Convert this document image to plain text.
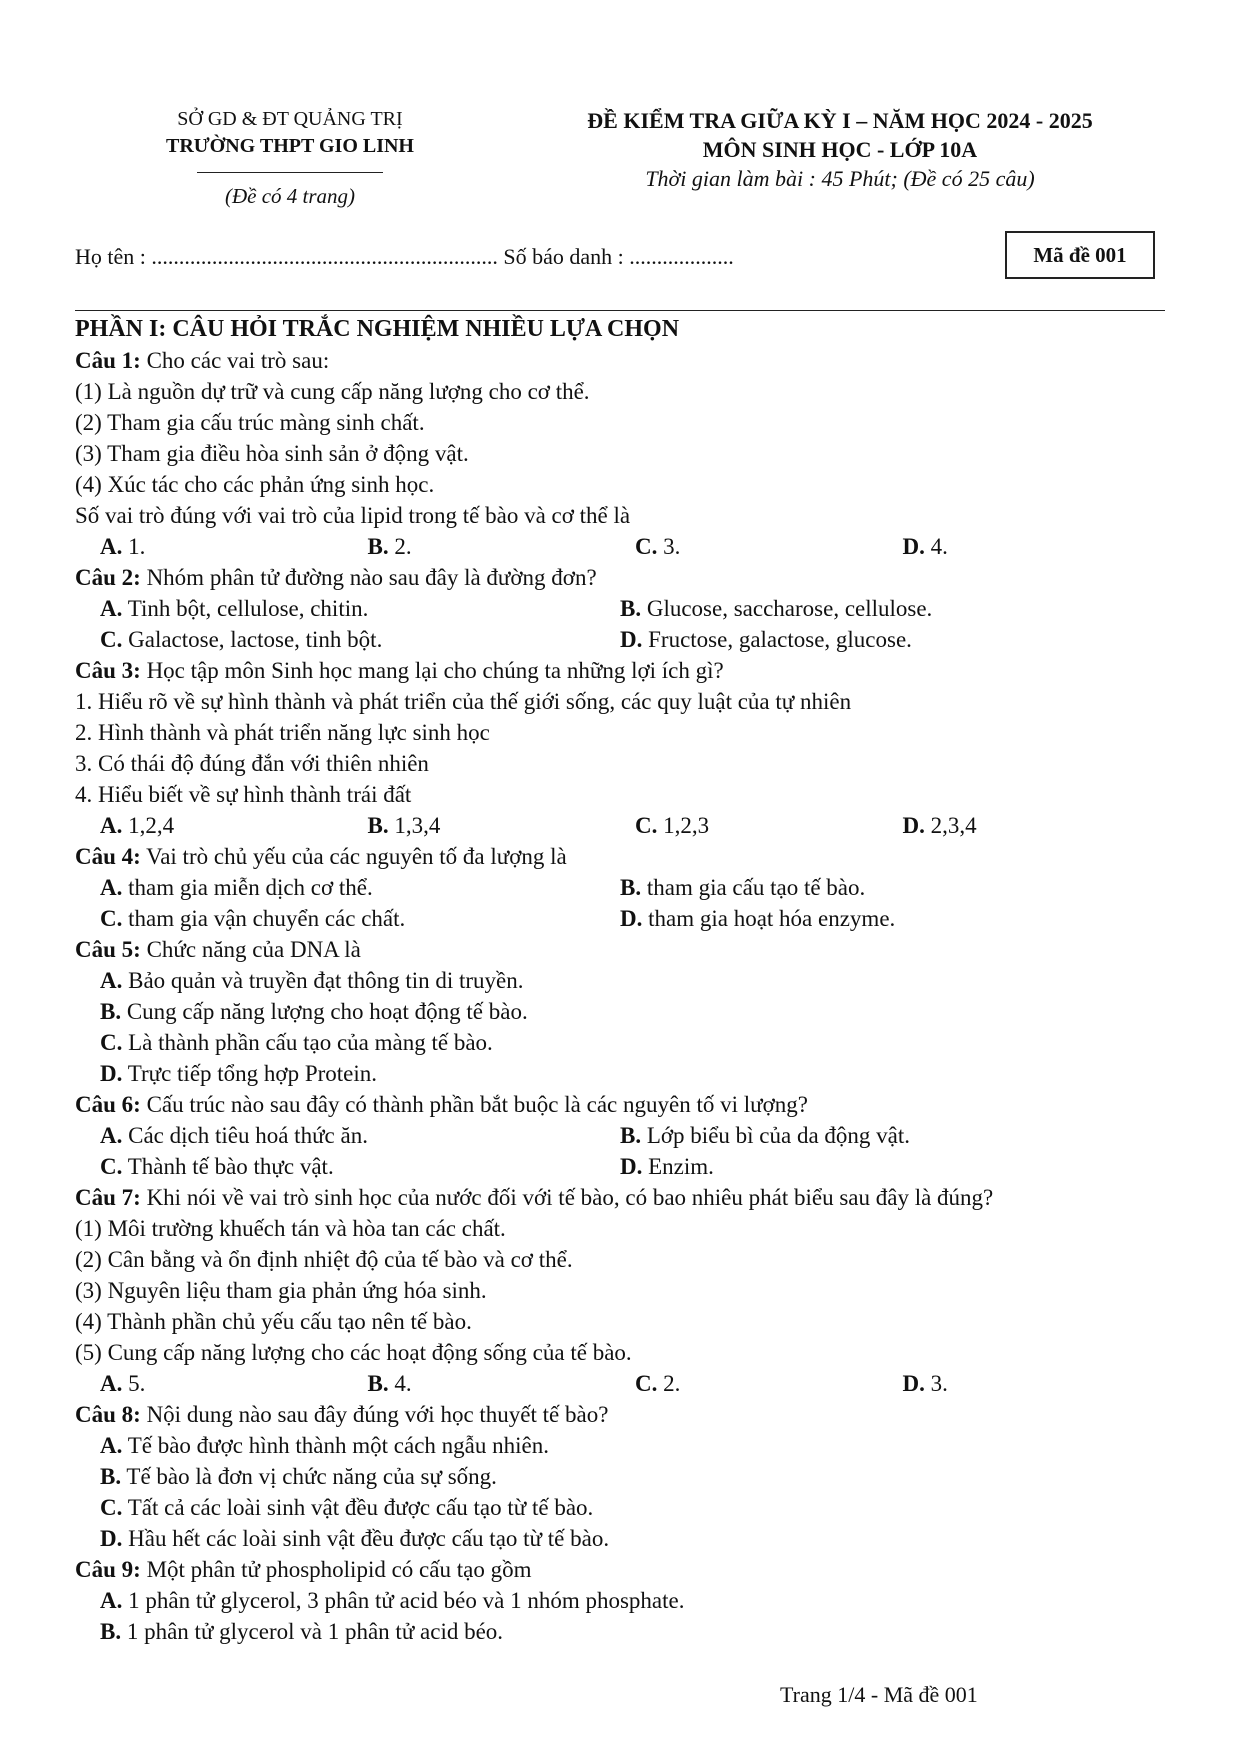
SỞ GD & ĐT QUẢNG TRỊ
TRƯỜNG THPT GIO LINH
(Đề có 4 trang)
ĐỀ KIỂM TRA GIỮA KỲ I – NĂM HỌC 2024 - 2025
MÔN SINH HỌC - LỚP 10A
Thời gian làm bài : 45 Phút; (Đề có 25 câu)
Họ tên : ............................................................... Số báo danh : ...................	Mã đề 001
PHẦN I: CÂU HỎI TRẮC NGHIỆM NHIỀU LỰA CHỌN
Câu 1: Cho các vai trò sau:
(1) Là nguồn dự trữ và cung cấp năng lượng cho cơ thể.
(2) Tham gia cấu trúc màng sinh chất.
(3) Tham gia điều hòa sinh sản ở động vật.
(4) Xúc tác cho các phản ứng sinh học.
Số vai trò đúng với vai trò của lipid trong tế bào và cơ thể là
A. 1.	B. 2.	C. 3.	D. 4.
Câu 2: Nhóm phân tử đường nào sau đây là đường đơn?
A. Tinh bột, cellulose, chitin.	B. Glucose, saccharose, cellulose.
C. Galactose, lactose, tinh bột.	D. Fructose, galactose, glucose.
Câu 3: Học tập môn Sinh học mang lại cho chúng ta những lợi ích gì?
1. Hiểu rõ về sự hình thành và phát triển của thế giới sống, các quy luật của tự nhiên
2. Hình thành và phát triển năng lực sinh học
3. Có thái độ đúng đắn với thiên nhiên
4. Hiểu biết về sự hình thành trái đất
A. 1,2,4	B. 1,3,4	C. 1,2,3	D. 2,3,4
Câu 4: Vai trò chủ yếu của các nguyên tố đa lượng là
A. tham gia miễn dịch cơ thể.	B. tham gia cấu tạo tế bào.
C. tham gia vận chuyển các chất.	D. tham gia hoạt hóa enzyme.
Câu 5: Chức năng của DNA là
A. Bảo quản và truyền đạt thông tin di truyền.
B. Cung cấp năng lượng cho hoạt động tế bào.
C. Là thành phần cấu tạo của màng tế bào.
D. Trực tiếp tổng hợp Protein.
Câu 6: Cấu trúc nào sau đây có thành phần bắt buộc là các nguyên tố vi lượng?
A. Các dịch tiêu hoá thức ăn.	B. Lớp biểu bì của da động vật.
C. Thành tế bào thực vật.	D. Enzim.
Câu 7: Khi nói về vai trò sinh học của nước đối với tế bào, có bao nhiêu phát biểu sau đây là đúng?
(1) Môi trường khuếch tán và hòa tan các chất.
(2) Cân bằng và ổn định nhiệt độ của tế bào và cơ thể.
(3) Nguyên liệu tham gia phản ứng hóa sinh.
(4) Thành phần chủ yếu cấu tạo nên tế bào.
(5) Cung cấp năng lượng cho các hoạt động sống của tế bào.
A. 5.	B. 4.	C. 2.	D. 3.
Câu 8: Nội dung nào sau đây đúng với học thuyết tế bào?
A. Tế bào được hình thành một cách ngẫu nhiên.
B. Tế bào là đơn vị chức năng của sự sống.
C. Tất cả các loài sinh vật đều được cấu tạo từ tế bào.
D. Hầu hết các loài sinh vật đều được cấu tạo từ tế bào.
Câu 9: Một phân tử phospholipid có cấu tạo gồm
A. 1 phân tử glycerol, 3 phân tử acid béo và 1 nhóm phosphate.
B. 1 phân tử glycerol và 1 phân tử acid béo.
Trang 1/4 - Mã đề 001
